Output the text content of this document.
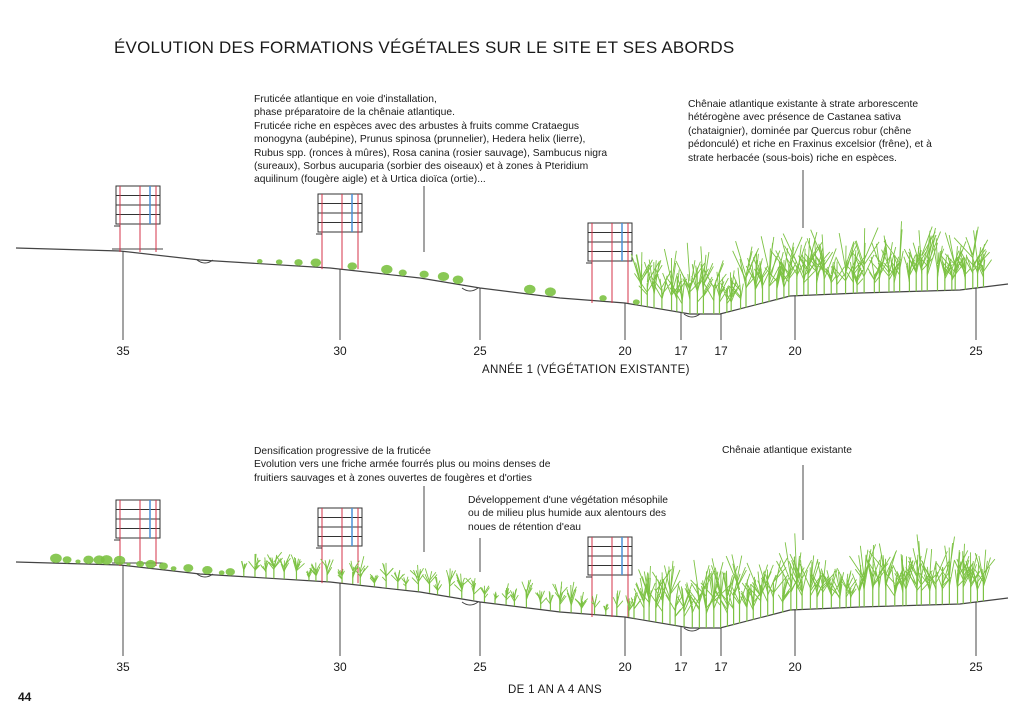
ÉVOLUTION DES FORMATIONS VÉGÉTALES SUR LE SITE ET SES ABORDS
Fruticée atlantique en voie d'installation,
phase préparatoire de la chênaie atlantique.
Fruticée riche en espèces avec des arbustes à fruits comme Crataegus
monogyna (aubépine), Prunus spinosa (prunnelier), Hedera helix (lierre),
Rubus spp. (ronces à mûres), Rosa canina (rosier sauvage), Sambucus nigra
(sureaux), Sorbus aucuparia (sorbier des oiseaux) et à zones à Pteridium
aquilinum (fougère aigle) et à Urtica dioïca (ortie)...
Chênaie atlantique existante à strate arborescente
hétérogène avec présence de Castanea sativa
(chataignier), dominée par Quercus robur (chêne
pédonculé) et riche en Fraxinus excelsior (frêne), et à
strate herbacée (sous-bois) riche en espèces.
35	30	25	20	17 17	20	25
ANNÉE 1 (VÉGÉTATION EXISTANTE)
Densification progressive de la fruticée
Evolution vers une friche armée fourrés plus ou moins denses de
fruitiers sauvages et à zones ouvertes de fougères et d'orties
Développement d'une végétation mésophile
ou de milieu plus humide aux alentours des
noues de rétention d'eau
Chênaie atlantique existante
35	30	25	20	17 17	20	25
DE 1 AN A 4 ANS
44
